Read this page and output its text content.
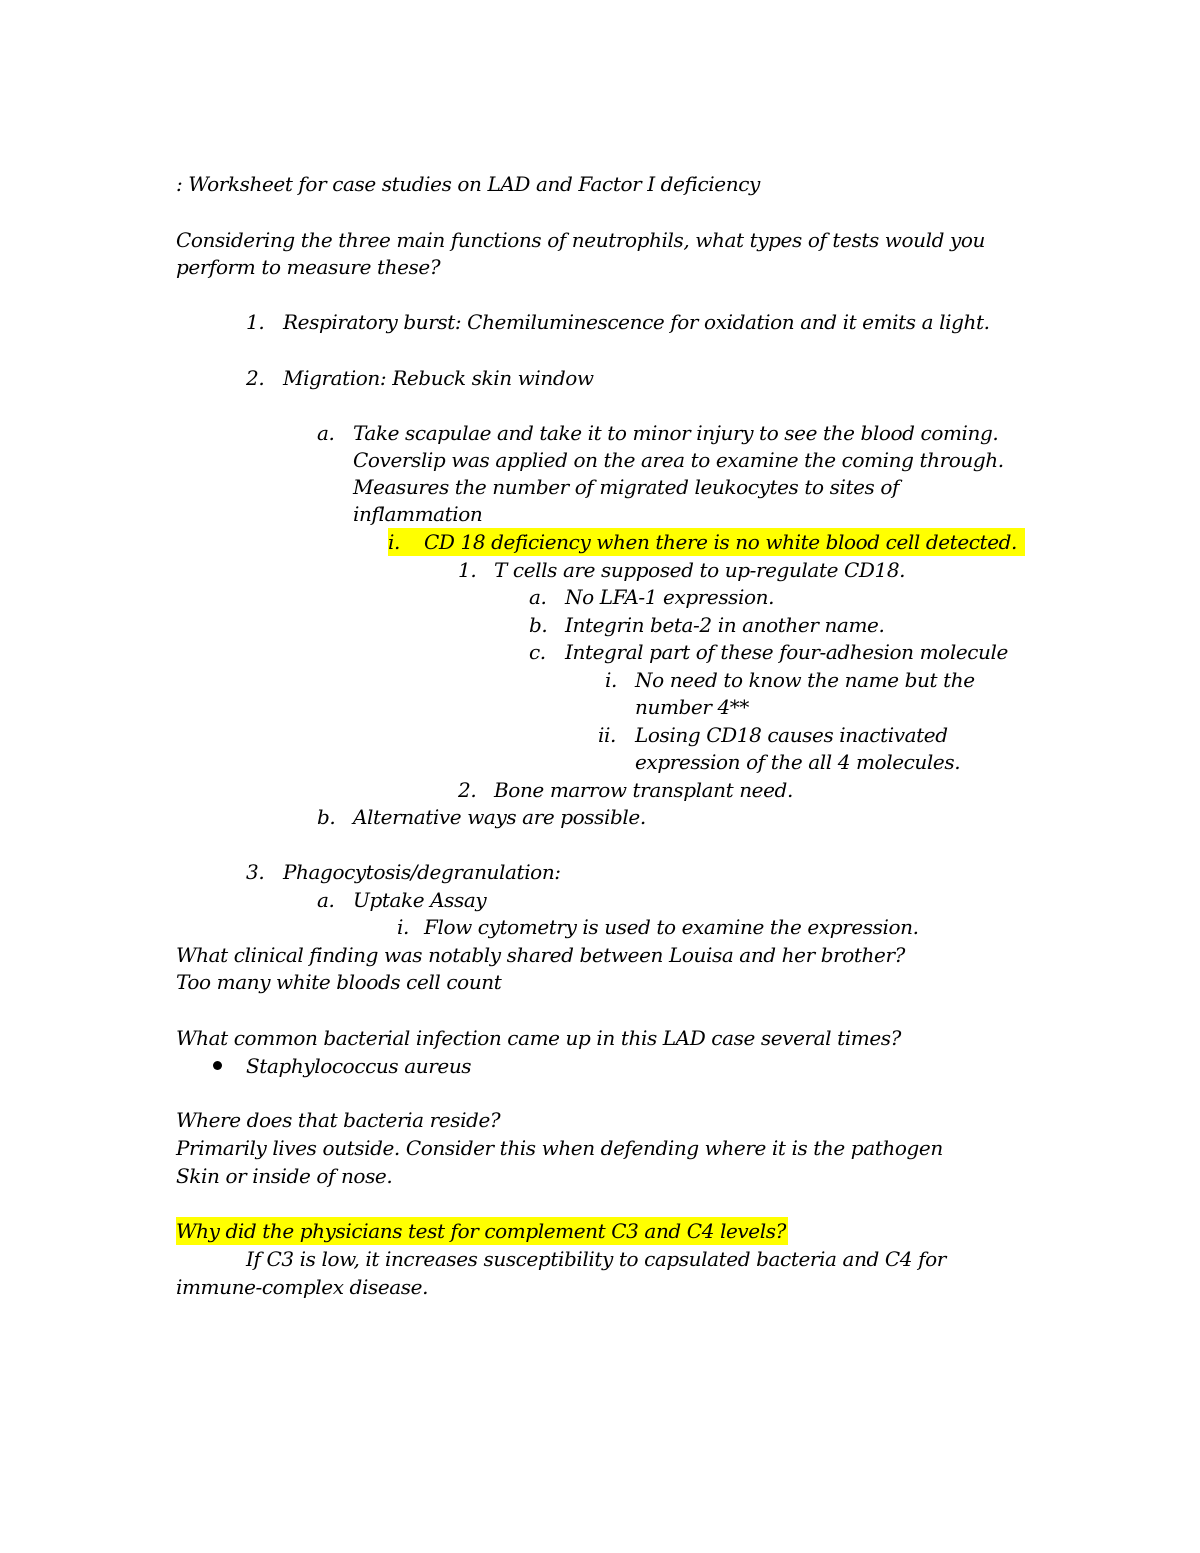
: Worksheet for case studies on LAD and Factor I deficiency
Considering the three main functions of neutrophils, what types of tests would you
perform to measure these?
1. Respiratory burst: Chemiluminescence for oxidation and it emits a light.
2. Migration: Rebuck skin window
a. Take scapulae and take it to minor injury to see the blood coming.
Coverslip was applied on the area to examine the coming through.
Measures the number of migrated leukocytes to sites of
inflammation
i. CD 18 deficiency when there is no white blood cell detected.
1. T cells are supposed to up-regulate CD18.
a. No LFA-1 expression.
b. Integrin beta-2 in another name.
c. Integral part of these four-adhesion molecule
i. No need to know the name but the
number 4**
ii. Losing CD18 causes inactivated
expression of the all 4 molecules.
2. Bone marrow transplant need.
b. Alternative ways are possible.
3. Phagocytosis/degranulation:
a. Uptake Assay
i. Flow cytometry is used to examine the expression.
What clinical finding was notably shared between Louisa and her brother?
Too many white bloods cell count
What common bacterial infection came up in this LAD case several times?
Staphylococcus aureus
Where does that bacteria reside?
Primarily lives outside. Consider this when defending where it is the pathogen
Skin or inside of nose.
Why did the physicians test for complement C3 and C4 levels?
If C3 is low, it increases susceptibility to capsulated bacteria and C4 for
immune-complex disease.
